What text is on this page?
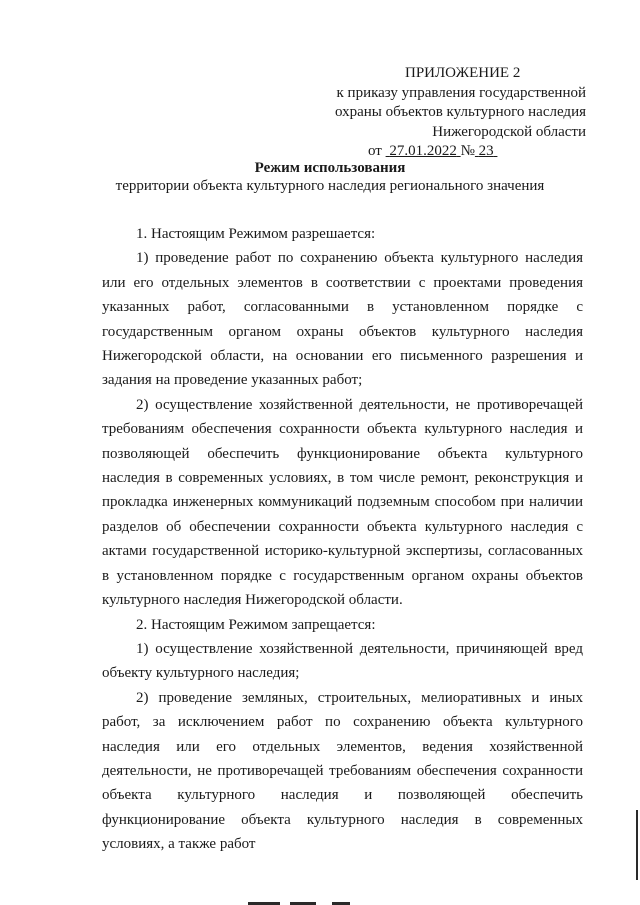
ПРИЛОЖЕНИЕ 2
к приказу управления государственной
охраны объектов культурного наследия
Нижегородской области
от 27.01.2022 № 23
Режим использования
территории объекта культурного наследия регионального значения

1. Настоящим Режимом разрешается:

1) проведение работ по сохранению объекта культурного наследия или его отдельных элементов в соответствии с проектами проведения указанных работ, согласованными в установленном порядке с государственным органом охраны объектов культурного наследия Нижегородской области, на основании его письменного разрешения и задания на проведение указанных работ;

2) осуществление хозяйственной деятельности, не противоречащей требованиям обеспечения сохранности объекта культурного наследия и позволяющей обеспечить функционирование объекта культурного наследия в современных условиях, в том числе ремонт, реконструкция и прокладка инженерных коммуникаций подземным способом при наличии разделов об обеспечении сохранности объекта культурного наследия с актами государственной историко-культурной экспертизы, согласованных в установленном порядке с государственным органом охраны объектов культурного наследия Нижегородской области.

2. Настоящим Режимом запрещается:

1) осуществление хозяйственной деятельности, причиняющей вред объекту культурного наследия;

2) проведение земляных, строительных, мелиоративных и иных работ, за исключением работ по сохранению объекта культурного наследия или его отдельных элементов, ведения хозяйственной деятельности, не противоречащей требованиям обеспечения сохранности объекта культурного наследия и позволяющей обеспечить функционирование объекта культурного наследия в современных условиях, а также работ
